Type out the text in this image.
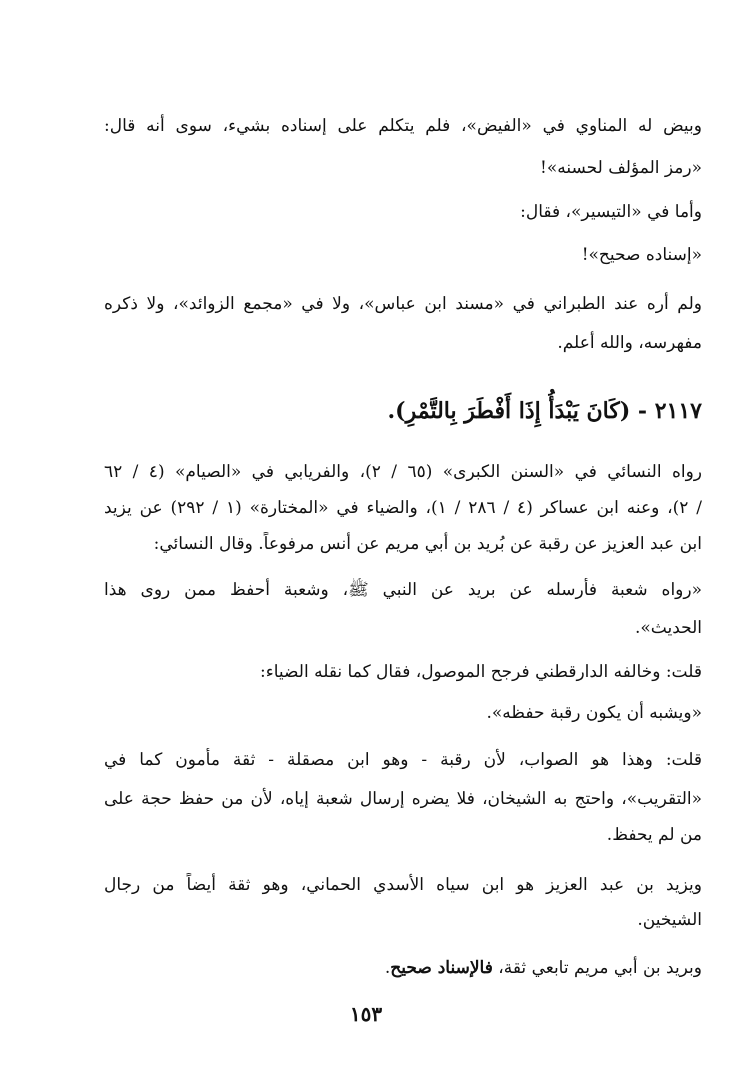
وبيض له المناوي في «الفيض»، فلم يتكلم على إسناده بشيء، سوى أنه قال:
«رمز المؤلف لحسنه»!
وأما في «التيسير»، فقال:
«إسناده صحيح»!
ولم أره عند الطبراني في «مسند ابن عباس»، ولا في «مجمع الزوائد»، ولا ذكره
مفهرسه، والله أعلم.
٢١١٧ - (كَانَ يَبْدَأُ إِذَا أَفْطَرَ بِالتَّمْرِ).
رواه النسائي في «السنن الكبرى» (٦٥ / ٢)، والفريابي في «الصيام» (٤ / ٦٢
/ ٢)، وعنه ابن عساكر (٤ / ٢٨٦ / ١)، والضياء في «المختارة» (١ / ٢٩٢) عن يزيد
ابن عبد العزيز عن رقبة عن بُريد بن أبي مريم عن أنس مرفوعاً. وقال النسائي:
«رواه شعبة فأرسله عن بريد عن النبي ﷺ، وشعبة أحفظ ممن روى هذا
الحديث».
قلت: وخالفه الدارقطني فرجح الموصول، فقال كما نقله الضياء:
«ويشبه أن يكون رقبة حفظه».
قلت: وهذا هو الصواب، لأن رقبة - وهو ابن مصقلة - ثقة مأمون كما في
«التقريب»، واحتج به الشيخان، فلا يضره إرسال شعبة إياه، لأن من حفظ حجة على
من لم يحفظ.
ويزيد بن عبد العزيز هو ابن سياه الأسدي الحماني، وهو ثقة أيضاً من رجال
الشيخين.
وبريد بن أبي مريم تابعي ثقة، فالإسناد صحيح.
١٥٣
